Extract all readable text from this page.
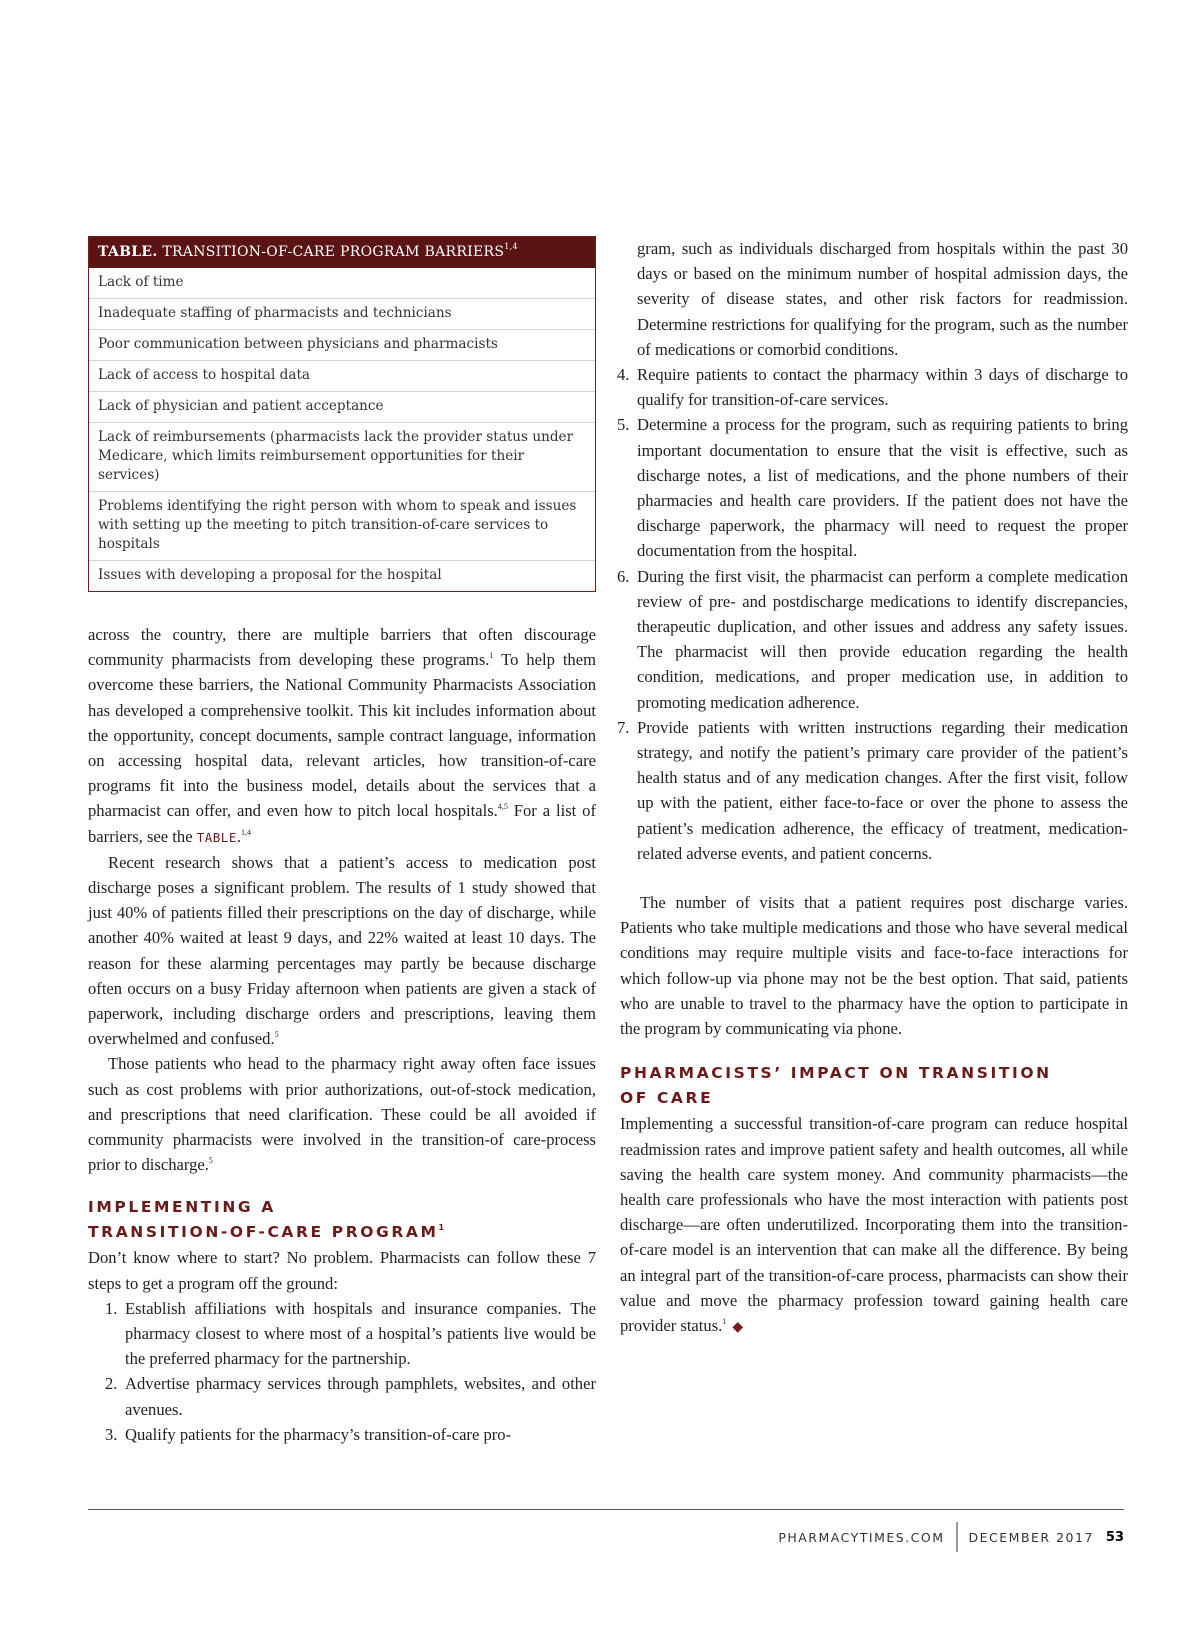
TABLE. TRANSITION-OF-CARE PROGRAM BARRIERS$^{1,4}$
Lack of time
Inadequate staffing of pharmacists and technicians
Poor communication between physicians and pharmacists
Lack of access to hospital data
Lack of physician and patient acceptance
Lack of reimbursements (pharmacists lack the provider status under Medicare, which limits reimbursement opportunities for their services)
Problems identifying the right person with whom to speak and issues with setting up the meeting to pitch transition-of-care services to hospitals
Issues with developing a proposal for the hospital

across the country, there are multiple barriers that often discourage community pharmacists from developing these programs.$^1$ To help them overcome these barriers, the National Community Pharmacists Association has developed a comprehensive toolkit. This kit includes information about the opportunity, concept documents, sample contract language, information on accessing hospital data, relevant articles, how transition-of-care programs fit into the business model, details about the services that a pharmacist can offer, and even how to pitch local hospitals.$^{4,5}$ For a list of barriers, see the TABLE.$^{1,4}$

Recent research shows that a patient’s access to medication post discharge poses a significant problem. The results of 1 study showed that just 40% of patients filled their prescriptions on the day of discharge, while another 40% waited at least 9 days, and 22% waited at least 10 days. The reason for these alarming percentages may partly be because discharge often occurs on a busy Friday afternoon when patients are given a stack of paperwork, including discharge orders and prescriptions, leaving them overwhelmed and confused.$^5$

Those patients who head to the pharmacy right away often face issues such as cost problems with prior authorizations, out-of-stock medication, and prescriptions that need clarification. These could be all avoided if community pharmacists were involved in the transition-of care-process prior to discharge.$^5$

IMPLEMENTING A
TRANSITION-OF-CARE PROGRAM$^1$

Don’t know where to start? No problem. Pharmacists can follow these 7 steps to get a program off the ground:

1. Establish affiliations with hospitals and insurance companies. The pharmacy closest to where most of a hospital’s patients live would be the preferred pharmacy for the partnership.
2. Advertise pharmacy services through pamphlets, websites, and other avenues.
3. Qualify patients for the pharmacy’s transition-of-care pro-
gram, such as individuals discharged from hospitals within the past 30 days or based on the minimum number of hospital admission days, the severity of disease states, and other risk factors for readmission. Determine restrictions for qualifying for the program, such as the number of medications or comorbid conditions.
4. Require patients to contact the pharmacy within 3 days of discharge to qualify for transition-of-care services.
5. Determine a process for the program, such as requiring patients to bring important documentation to ensure that the visit is effective, such as discharge notes, a list of medications, and the phone numbers of their pharmacies and health care providers. If the patient does not have the discharge paperwork, the pharmacy will need to request the proper documentation from the hospital.
6. During the first visit, the pharmacist can perform a complete medication review of pre- and postdischarge medications to identify discrepancies, therapeutic duplication, and other issues and address any safety issues. The pharmacist will then provide education regarding the health condition, medications, and proper medication use, in addition to promoting medication adherence.
7. Provide patients with written instructions regarding their medication strategy, and notify the patient’s primary care provider of the patient’s health status and of any medication changes. After the first visit, follow up with the patient, either face-to-face or over the phone to assess the patient’s medication adherence, the efficacy of treatment, medication-related adverse events, and patient concerns.

The number of visits that a patient requires post discharge varies. Patients who take multiple medications and those who have several medical conditions may require multiple visits and face-to-face interactions for which follow-up via phone may not be the best option. That said, patients who are unable to travel to the pharmacy have the option to participate in the program by communicating via phone.

PHARMACISTS’ IMPACT ON TRANSITION
OF CARE

Implementing a successful transition-of-care program can reduce hospital readmission rates and improve patient safety and health outcomes, all while saving the health care system money. And community pharmacists—the health care professionals who have the most interaction with patients post discharge—are often underutilized. Incorporating them into the transition-of-care model is an intervention that can make all the difference. By being an integral part of the transition-of-care process, pharmacists can show their value and move the pharmacy profession toward gaining health care provider status.$^1$ ◆

PHARMACYTIMES.COM DECEMBER 2017 53
